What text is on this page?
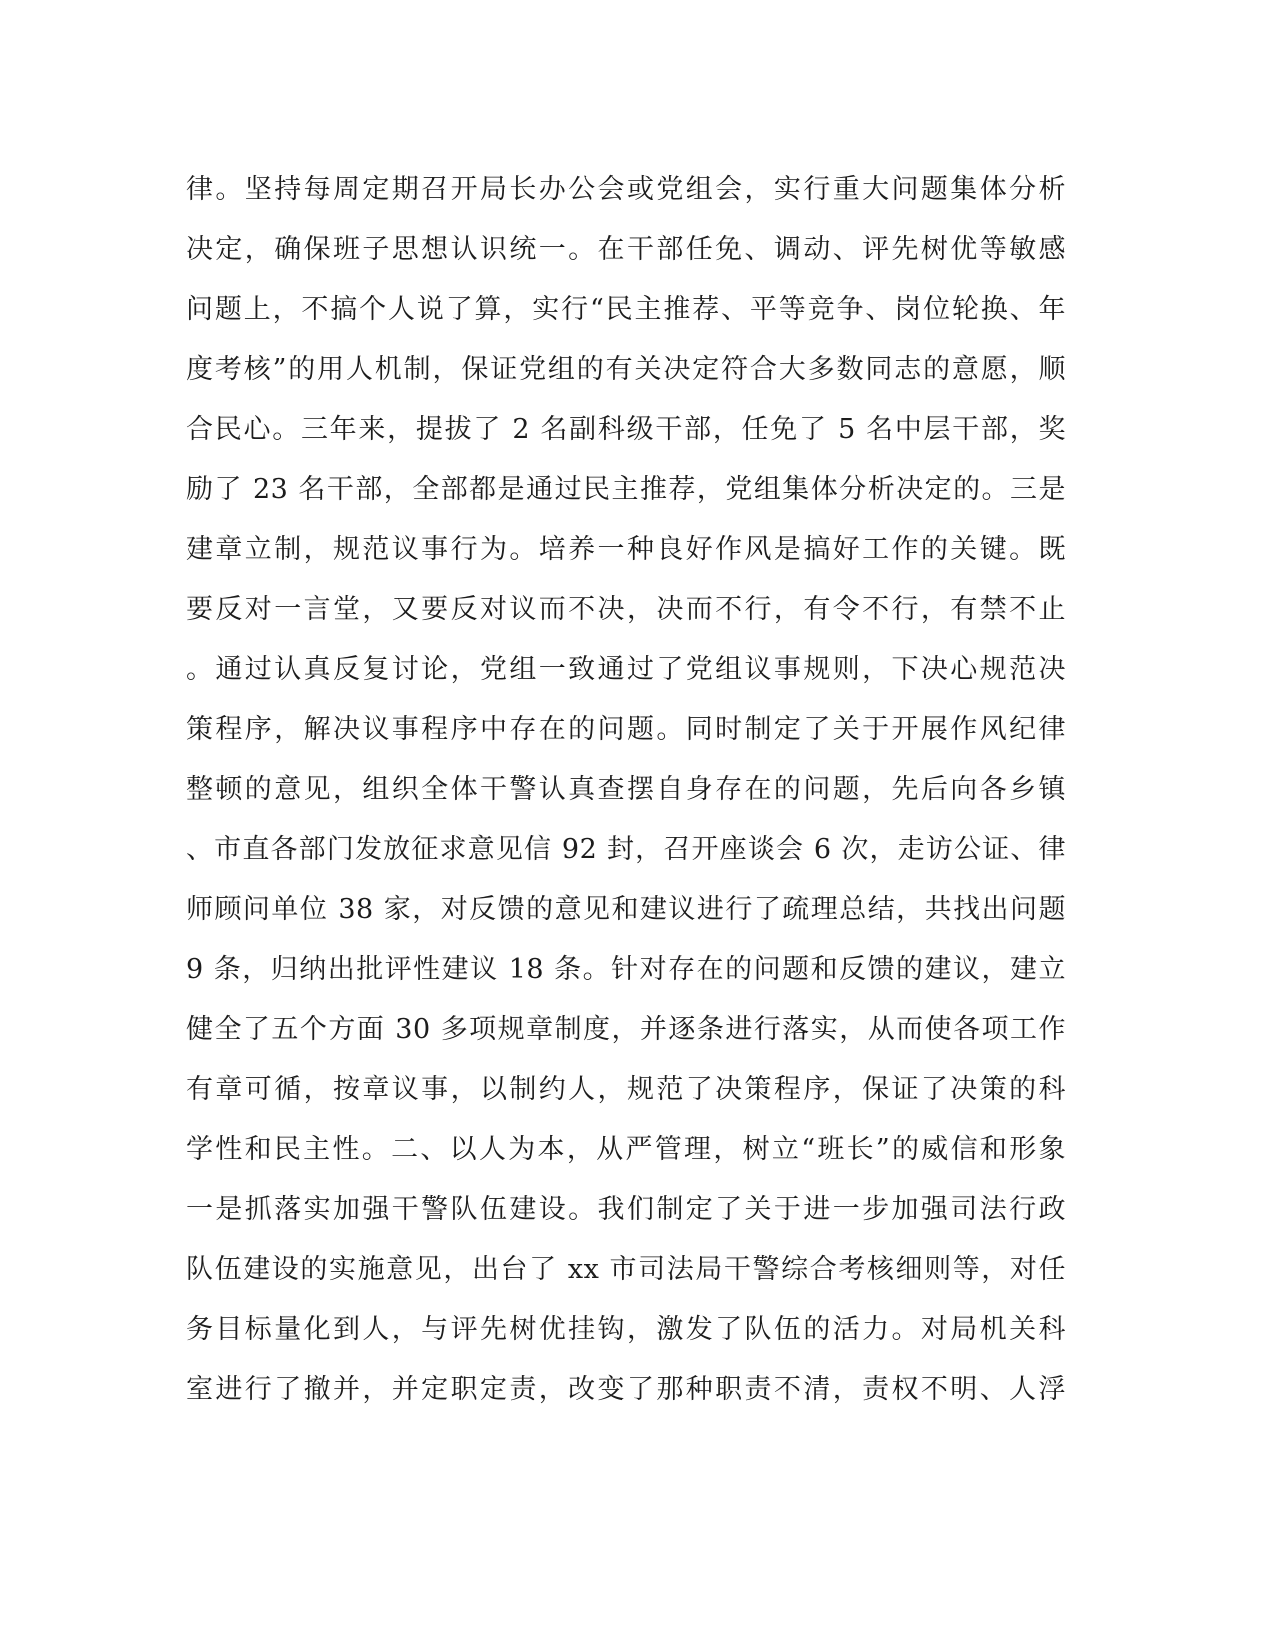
律。坚持每周定期召开局长办公会或党组会，实行重大问题集体分析
决定，确保班子思想认识统一。在干部任免、调动、评先树优等敏感
问题上，不搞个人说了算，实行“民主推荐、平等竞争、岗位轮换、年
度考核”的用人机制，保证党组的有关决定符合大多数同志的意愿，顺
合民心。三年来，提拔了 2 名副科级干部，任免了 5 名中层干部，奖
励了 23 名干部，全部都是通过民主推荐，党组集体分析决定的。三是
建章立制，规范议事行为。培养一种良好作风是搞好工作的关键。既
要反对一言堂，又要反对议而不决，决而不行，有令不行，有禁不止
。通过认真反复讨论，党组一致通过了党组议事规则，下决心规范决
策程序，解决议事程序中存在的问题。同时制定了关于开展作风纪律
整顿的意见，组织全体干警认真查摆自身存在的问题，先后向各乡镇
、市直各部门发放征求意见信 92 封，召开座谈会 6 次，走访公证、律
师顾问单位 38 家，对反馈的意见和建议进行了疏理总结，共找出问题
9 条，归纳出批评性建议 18 条。针对存在的问题和反馈的建议，建立
健全了五个方面 30 多项规章制度，并逐条进行落实，从而使各项工作
有章可循，按章议事，以制约人，规范了决策程序，保证了决策的科
学性和民主性。二、以人为本，从严管理，树立“班长”的威信和形象
一是抓落实加强干警队伍建设。我们制定了关于进一步加强司法行政
队伍建设的实施意见，出台了 xx 市司法局干警综合考核细则等，对任
务目标量化到人，与评先树优挂钩，激发了队伍的活力。对局机关科
室进行了撤并，并定职定责，改变了那种职责不清，责权不明、人浮
